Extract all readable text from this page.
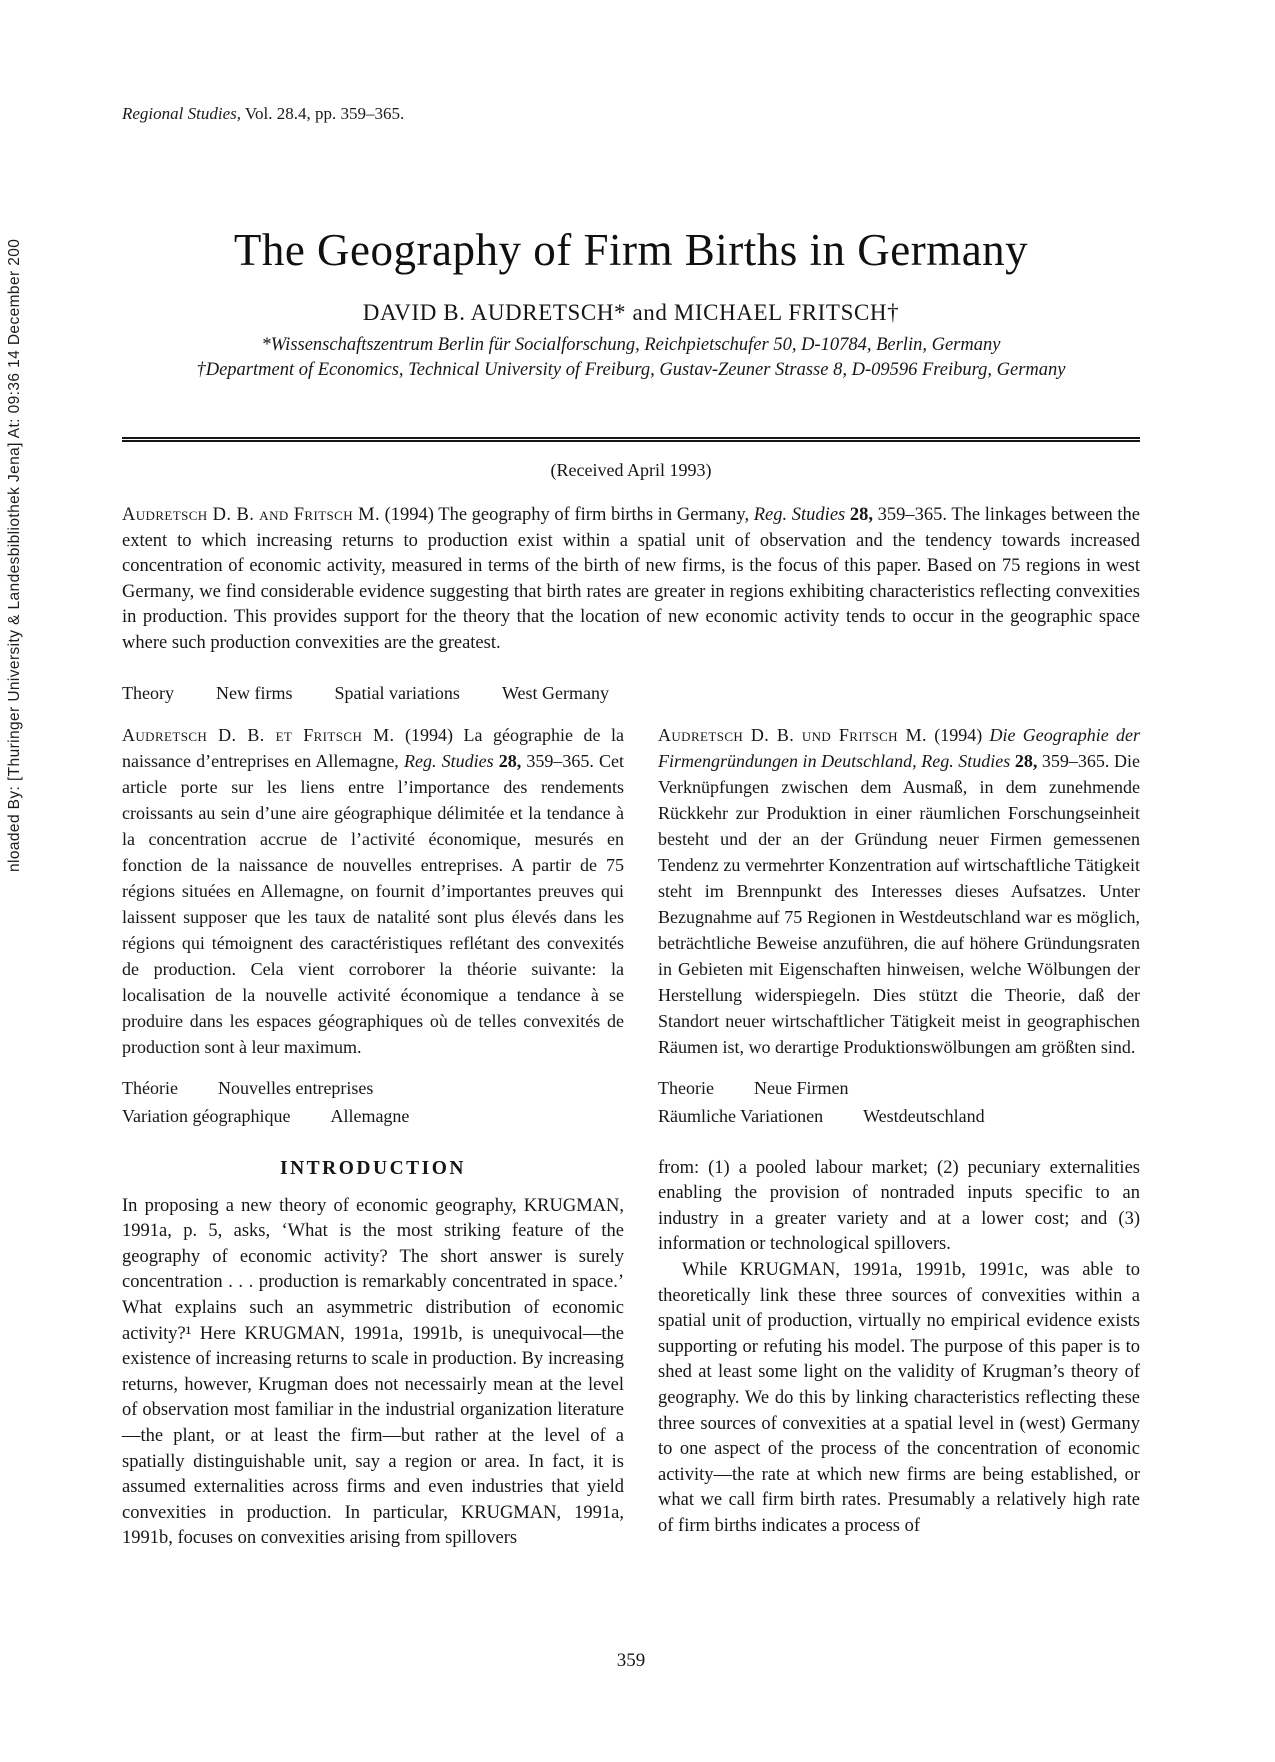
nloaded By: [Thuringer University & Landesbibliothek Jena] At: 09:36 14 December 200
Regional Studies, Vol. 28.4, pp. 359–365.
The Geography of Firm Births in Germany
DAVID B. AUDRETSCH* and MICHAEL FRITSCH†
*Wissenschaftszentrum Berlin für Socialforschung, Reichpietschufer 50, D-10784, Berlin, Germany
†Department of Economics, Technical University of Freiburg, Gustav-Zeuner Strasse 8, D-09596 Freiburg, Germany
(Received April 1993)

Audretsch D. B. and Fritsch M. (1994) The geography of firm births in Germany, Reg. Studies 28, 359–365. The linkages between the extent to which increasing returns to production exist within a spatial unit of observation and the tendency towards increased concentration of economic activity, measured in terms of the birth of new firms, is the focus of this paper. Based on 75 regions in west Germany, we find considerable evidence suggesting that birth rates are greater in regions exhibiting characteristics reflecting convexities in production. This provides support for the theory that the location of new economic activity tends to occur in the geographic space where such production convexities are the greatest.

Theory New firms Spatial variations West Germany

Audretsch D. B. et Fritsch M. (1994) La géographie de la naissance d’entreprises en Allemagne, Reg. Studies 28, 359–365. Cet article porte sur les liens entre l’importance des rendements croissants au sein d’une aire géographique délimitée et la tendance à la concentration accrue de l’activité économique, mesurés en fonction de la naissance de nouvelles entreprises. A partir de 75 régions situées en Allemagne, on fournit d’importantes preuves qui laissent supposer que les taux de natalité sont plus élevés dans les régions qui témoignent des caractéristiques reflétant des convexités de production. Cela vient corroborer la théorie suivante: la localisation de la nouvelle activité économique a tendance à se produire dans les espaces géographiques où de telles convexités de production sont à leur maximum.

Théorie Nouvelles entreprises
Variation géographique Allemagne

Audretsch D. B. und Fritsch M. (1994) Die Geographie der Firmengründungen in Deutschland, Reg. Studies 28, 359–365. Die Verknüpfungen zwischen dem Ausmaß, in dem zunehmende Rückkehr zur Produktion in einer räumlichen Forschungseinheit besteht und der an der Gründung neuer Firmen gemessenen Tendenz zu vermehrter Konzentration auf wirtschaftliche Tätigkeit steht im Brennpunkt des Interesses dieses Aufsatzes. Unter Bezugnahme auf 75 Regionen in Westdeutschland war es möglich, beträchtliche Beweise anzuführen, die auf höhere Gründungsraten in Gebieten mit Eigenschaften hinweisen, welche Wölbungen der Herstellung widerspiegeln. Dies stützt die Theorie, daß der Standort neuer wirtschaftlicher Tätigkeit meist in geographischen Räumen ist, wo derartige Produktionswölbungen am größten sind.

Theorie Neue Firmen
Räumliche Variationen Westdeutschland
INTRODUCTION

In proposing a new theory of economic geography, KRUGMAN, 1991a, p. 5, asks, ‘What is the most striking feature of the geography of economic activity? The short answer is surely concentration . . . production is remarkably concentrated in space.’ What explains such an asymmetric distribution of economic activity?¹ Here KRUGMAN, 1991a, 1991b, is unequivocal—the existence of increasing returns to scale in production. By increasing returns, however, Krugman does not necessairly mean at the level of observation most familiar in the industrial organization literature—the plant, or at least the firm—but rather at the level of a spatially distinguishable unit, say a region or area. In fact, it is assumed externalities across firms and even industries that yield convexities in production. In particular, KRUGMAN, 1991a, 1991b, focuses on convexities arising from spillovers

from: (1) a pooled labour market; (2) pecuniary externalities enabling the provision of nontraded inputs specific to an industry in a greater variety and at a lower cost; and (3) information or technological spillovers.

While KRUGMAN, 1991a, 1991b, 1991c, was able to theoretically link these three sources of convexities within a spatial unit of production, virtually no empirical evidence exists supporting or refuting his model. The purpose of this paper is to shed at least some light on the validity of Krugman’s theory of geography. We do this by linking characteristics reflecting these three sources of convexities at a spatial level in (west) Germany to one aspect of the process of the concentration of economic activity—the rate at which new firms are being established, or what we call firm birth rates. Presumably a relatively high rate of firm births indicates a process of

359
